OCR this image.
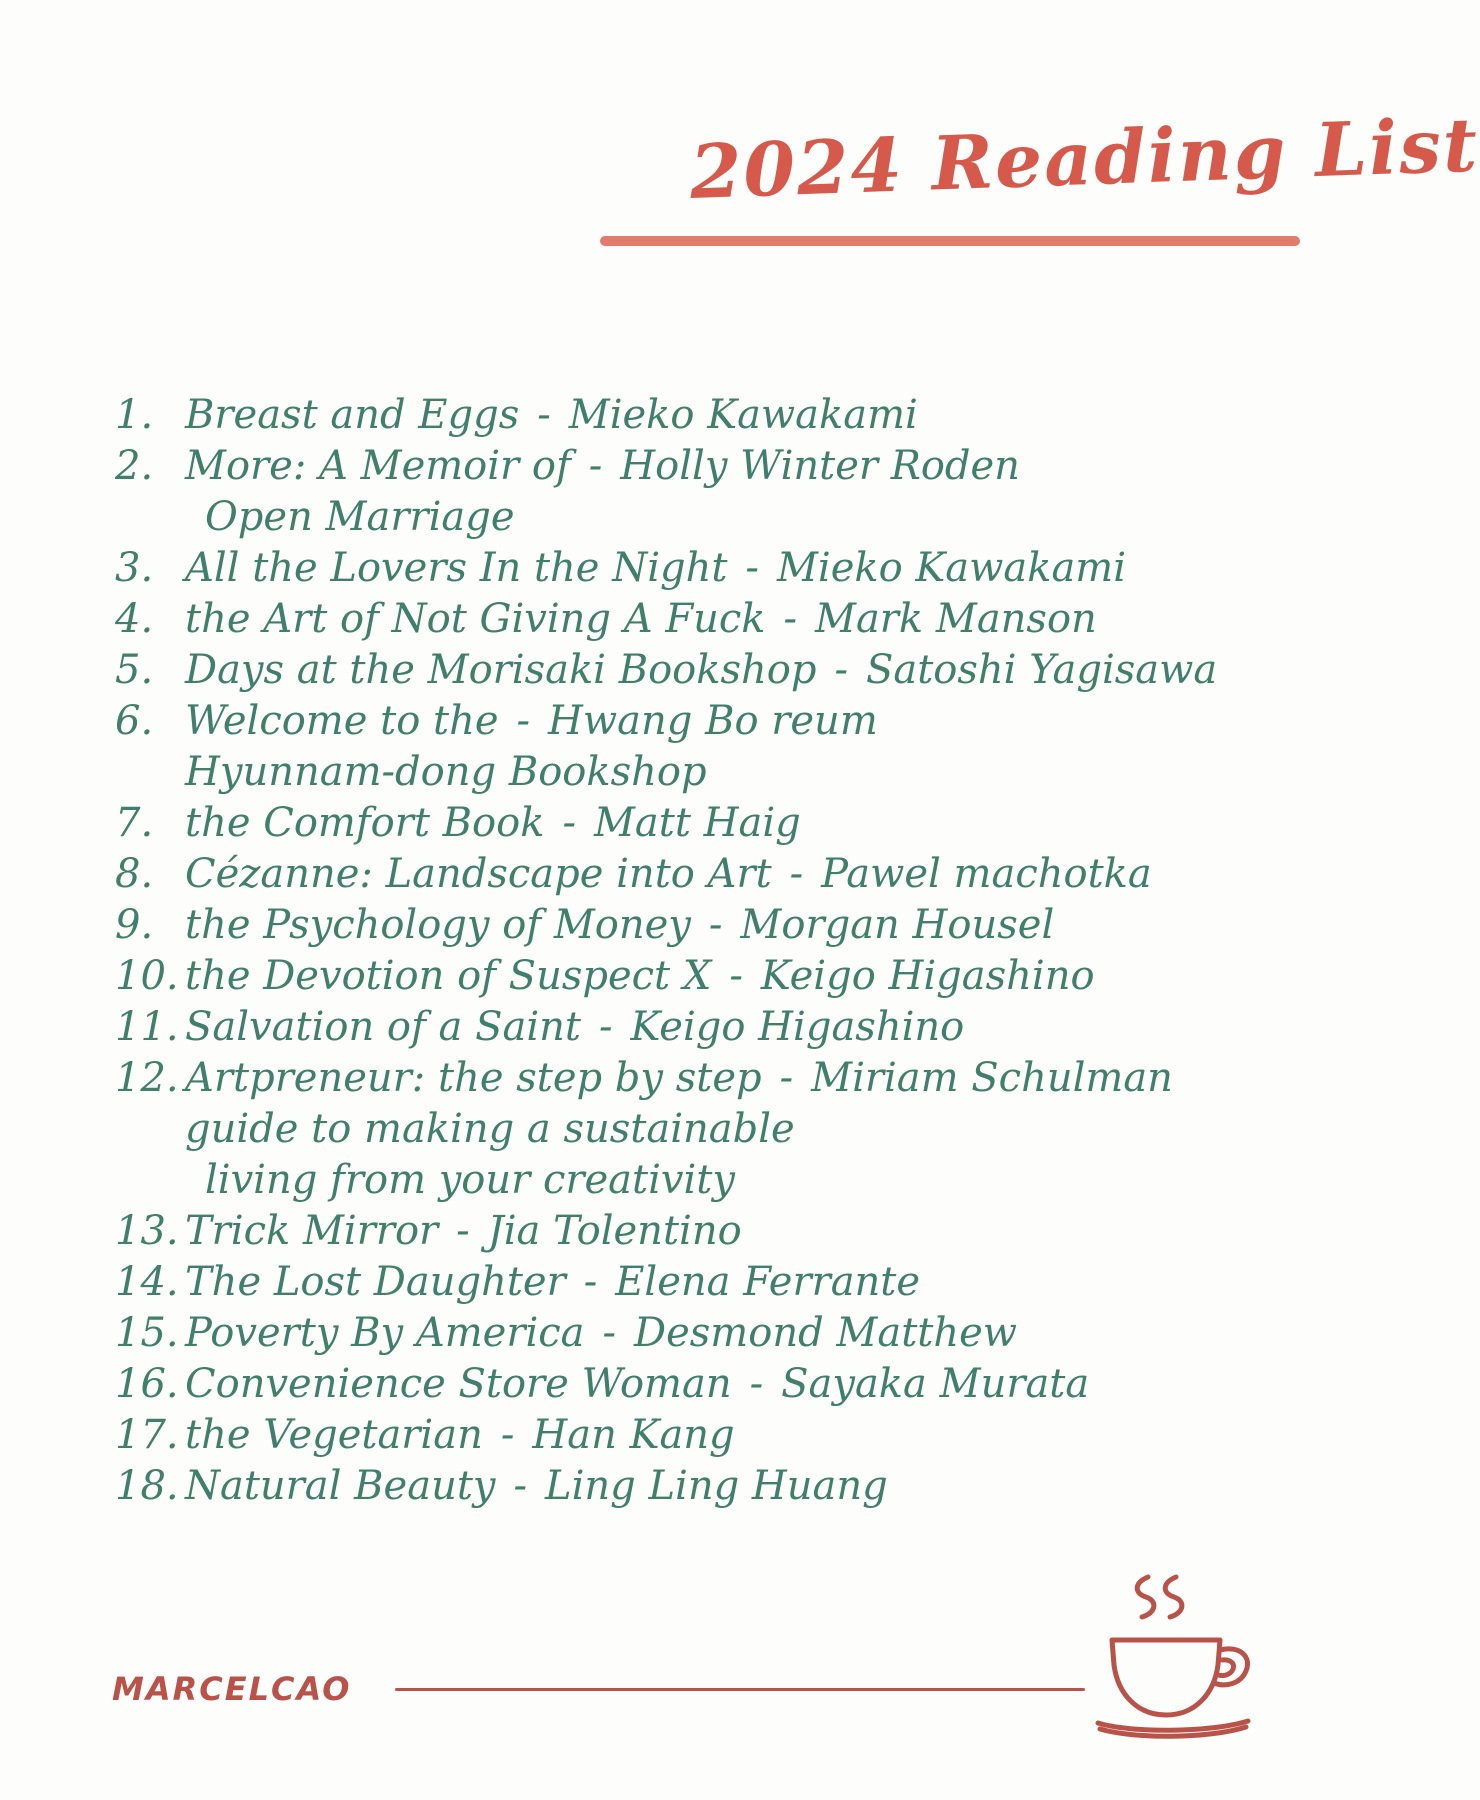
2024 Reading List
1. Breast and Eggs - Mieko Kawakami
2. More: A Memoir of - Holly Winter Roden
Open Marriage
3. All the Lovers In the Night - Mieko Kawakami
4. the Art of Not Giving A Fuck - Mark Manson
5. Days at the Morisaki Bookshop - Satoshi Yagisawa
6. Welcome to the - Hwang Bo reum
Hyunnam-dong Bookshop
7. the Comfort Book - Matt Haig
8. Cézanne: Landscape into Art - Pawel machotka
9. the Psychology of Money - Morgan Housel
10. the Devotion of Suspect X - Keigo Higashino
11. Salvation of a Saint - Keigo Higashino
12. Artpreneur: the step by step - Miriam Schulman
guide to making a sustainable
living from your creativity
13. Trick Mirror - Jia Tolentino
14. The Lost Daughter - Elena Ferrante
15. Poverty By America - Desmond Matthew
16. Convenience Store Woman - Sayaka Murata
17. the Vegetarian - Han Kang
18. Natural Beauty - Ling Ling Huang
MARCELCAO
